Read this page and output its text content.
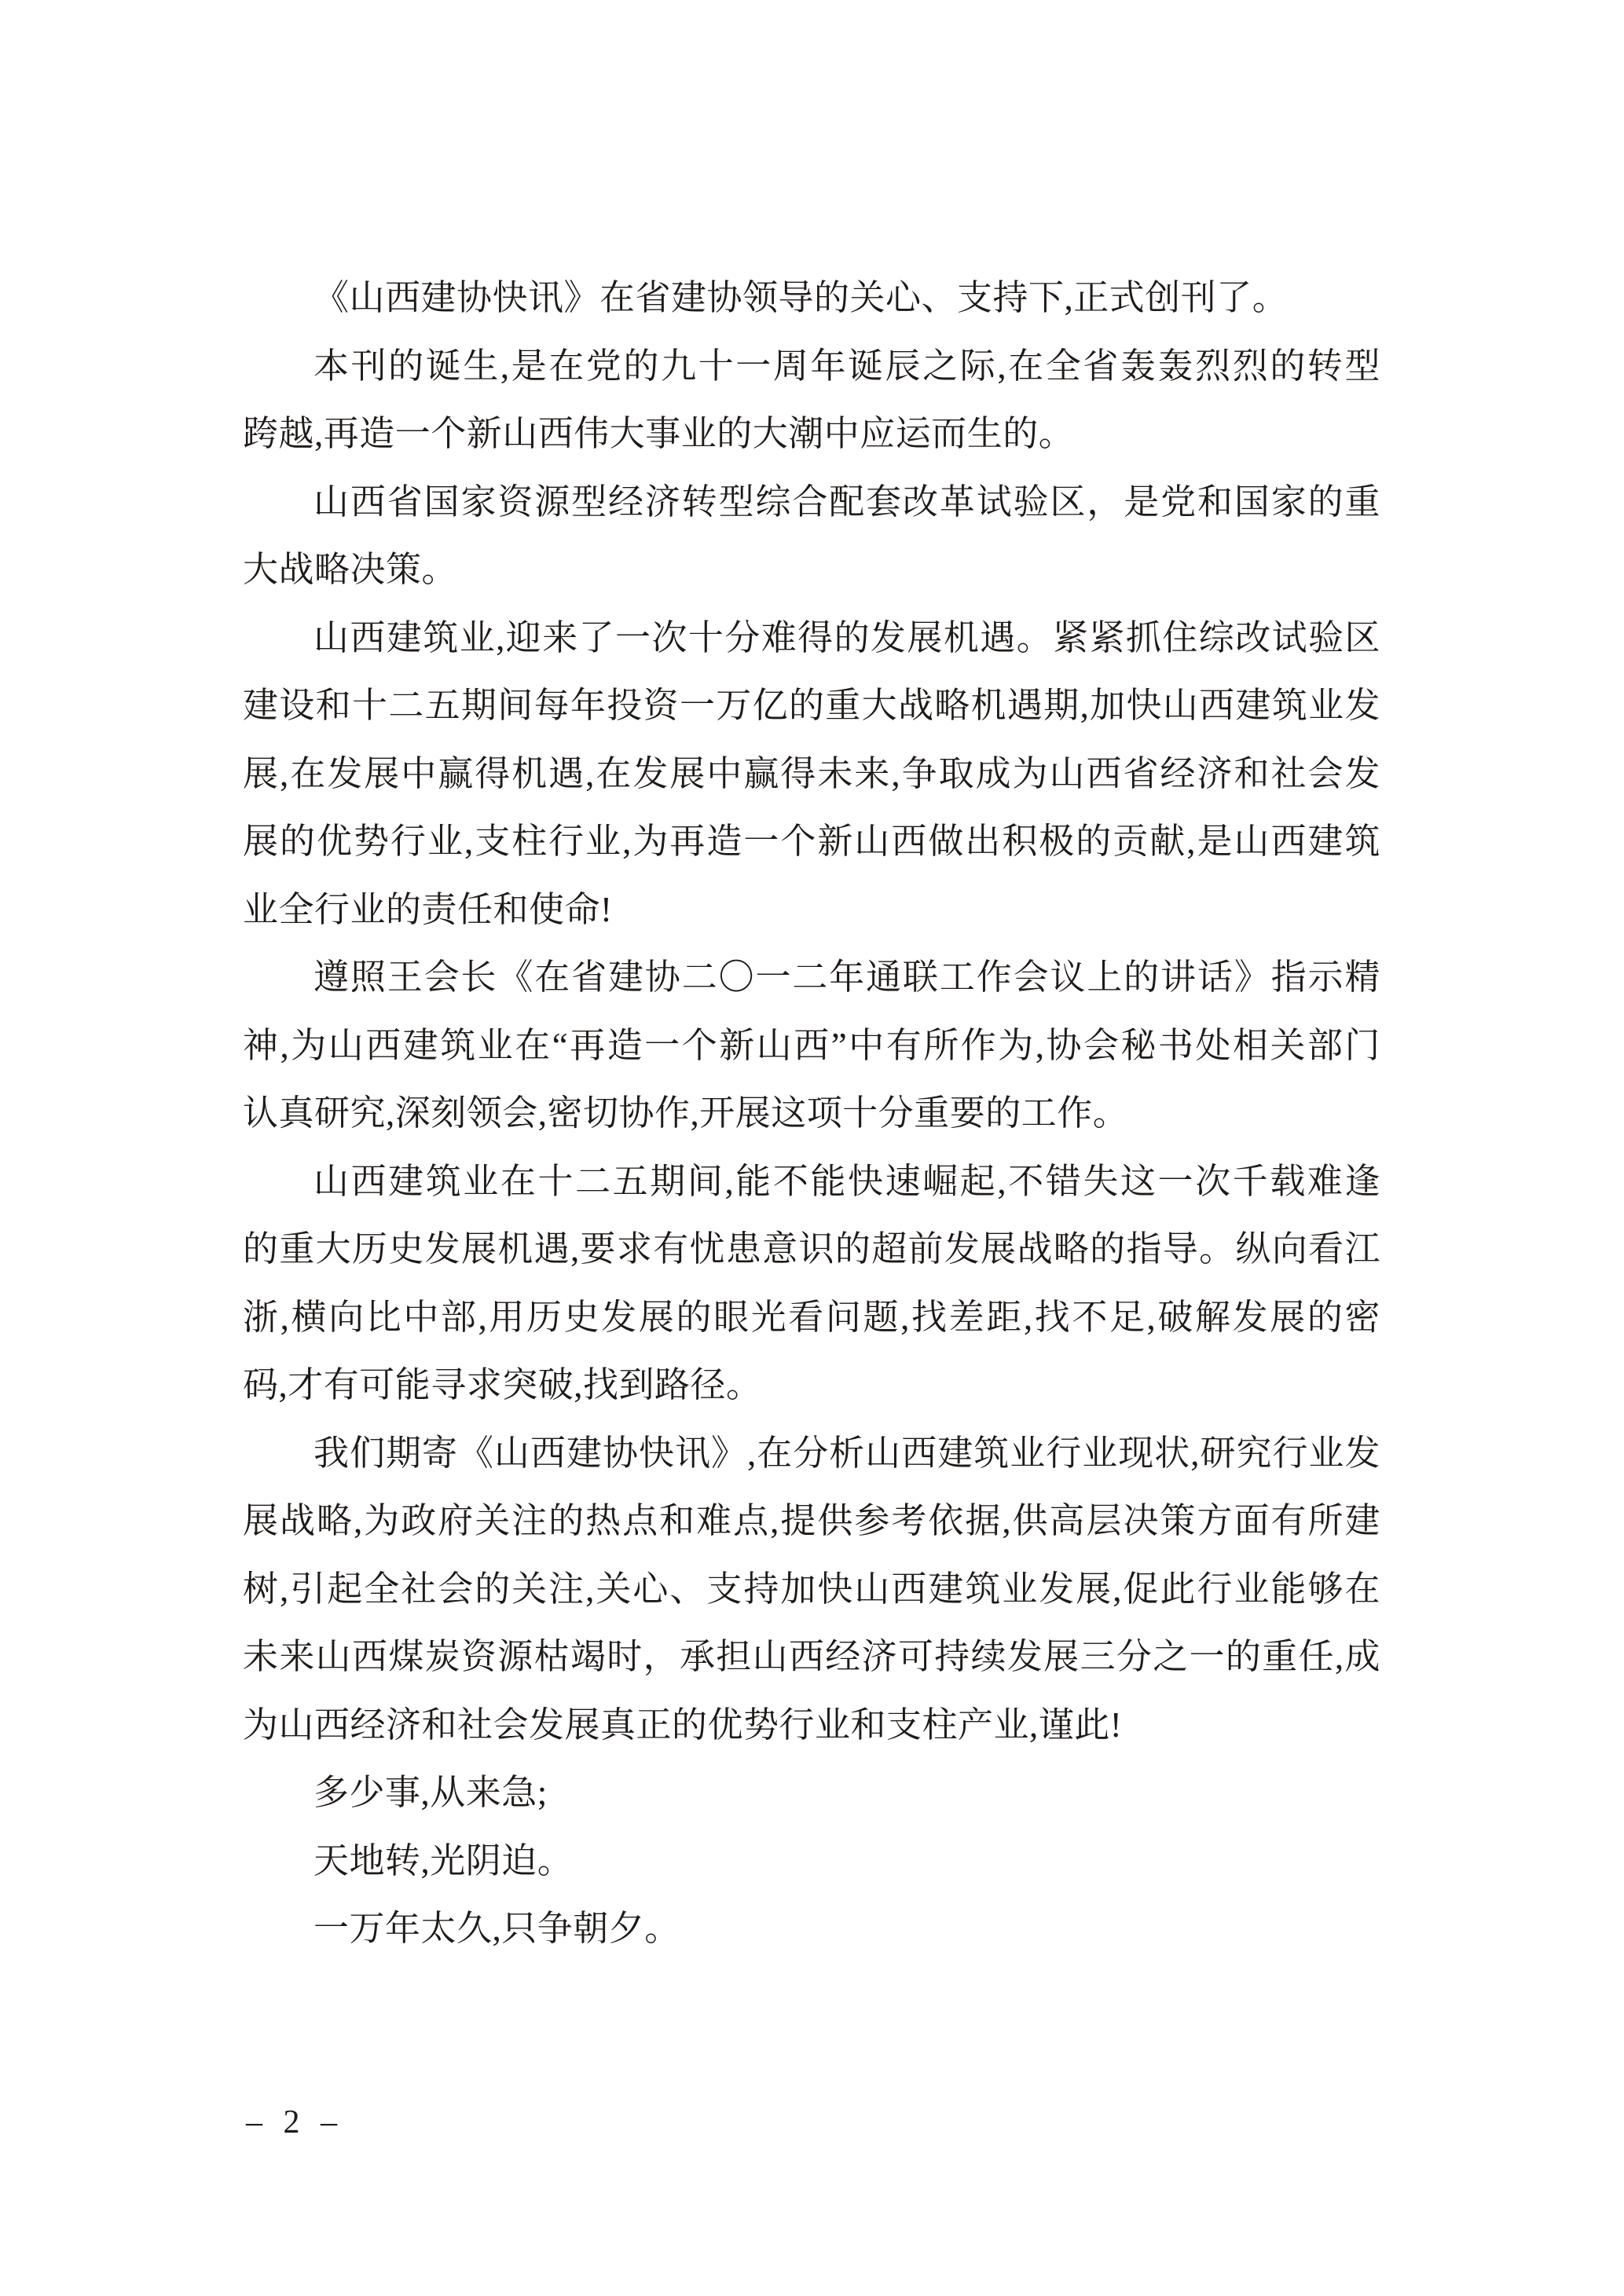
《山西建协快讯》在省建协领导的关心、支持下,正式创刊了。
本刊的诞生,是在党的九十一周年诞辰之际,在全省轰轰烈烈的转型
跨越,再造一个新山西伟大事业的大潮中应运而生的。
山西省国家资源型经济转型综合配套改革试验区，是党和国家的重
大战略决策。
山西建筑业,迎来了一次十分难得的发展机遇。紧紧抓住综改试验区
建设和十二五期间每年投资一万亿的重大战略机遇期,加快山西建筑业发
展,在发展中赢得机遇,在发展中赢得未来,争取成为山西省经济和社会发
展的优势行业,支柱行业,为再造一个新山西做出积极的贡献,是山西建筑
业全行业的责任和使命!
遵照王会长《在省建协二〇一二年通联工作会议上的讲话》指示精
神,为山西建筑业在“再造一个新山西”中有所作为,协会秘书处相关部门
认真研究,深刻领会,密切协作,开展这项十分重要的工作。
山西建筑业在十二五期间,能不能快速崛起,不错失这一次千载难逢
的重大历史发展机遇,要求有忧患意识的超前发展战略的指导。纵向看江
浙,横向比中部,用历史发展的眼光看问题,找差距,找不足,破解发展的密
码,才有可能寻求突破,找到路径。
我们期寄《山西建协快讯》,在分析山西建筑业行业现状,研究行业发
展战略,为政府关注的热点和难点,提供参考依据,供高层决策方面有所建
树,引起全社会的关注,关心、支持加快山西建筑业发展,促此行业能够在
未来山西煤炭资源枯竭时，承担山西经济可持续发展三分之一的重任,成
为山西经济和社会发展真正的优势行业和支柱产业,谨此!
多少事,从来急;
天地转,光阴迫。
一万年太久,只争朝夕。
– 2 –
